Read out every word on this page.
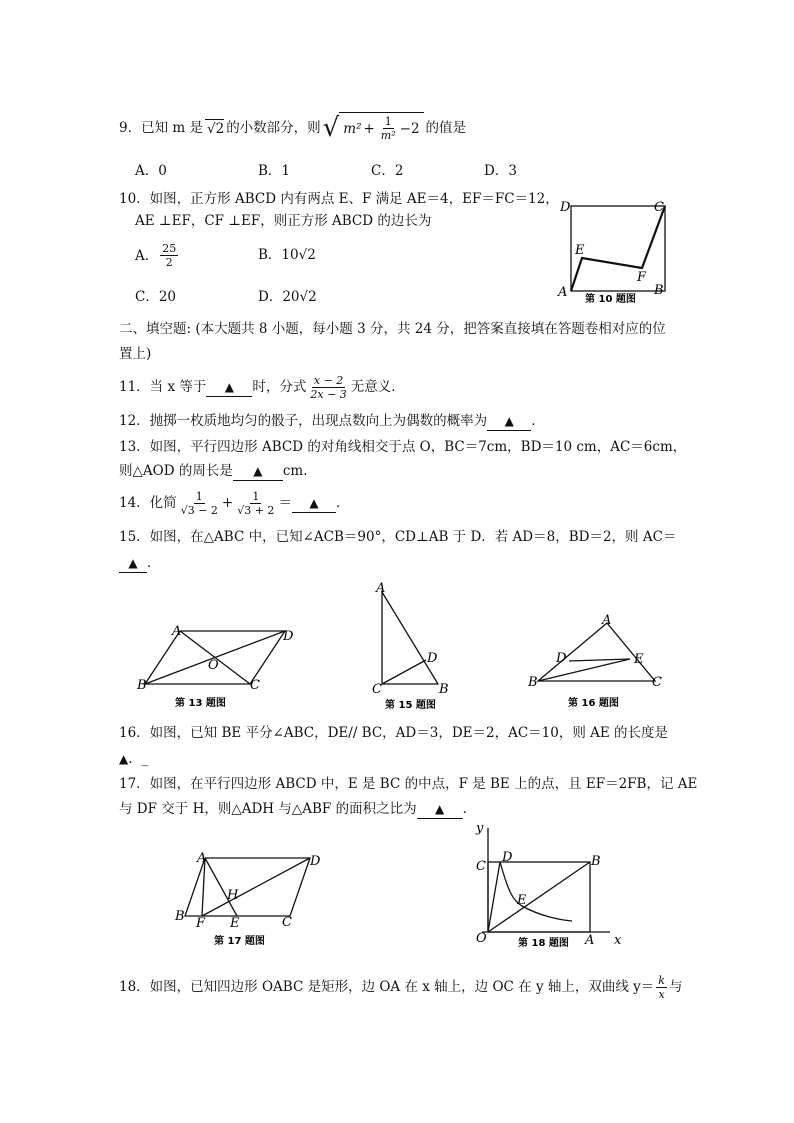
9．已知 m 是 √2 的小数部分，则 √ $m^2 + \frac{1}{\text{m²}} -2$ 的值是
A．0	B．1	C．2	D．3
10．如图，正方形 ABCD 内有两点 E、F 满足 AE＝4，EF＝FC＝12，
AE ⊥EF，CF ⊥EF，则正方形 ABCD 的边长为
A． $\frac{25}{2}$	B．10√2
C．20	D．20√2
D	C
E
F
A	B
第 10 题图
二、填空题: (本大题共 8 小题，每小题 3 分，共 24 分，把答案直接填在答题卷相对应的位
置上)
11．当 x 等于	▲	时，分式 $\frac{x - 2}{2x - 3}$ 无意义．
12．抛掷一枚质地均匀的骰子，出现点数向上为偶数的概率为 ▲ ．
13．如图，平行四边形 ABCD 的对角线相交于点 O，BC＝7cm，BD＝10 cm，AC＝6cm，
则△AOD 的周长是 ▲ cm.
14．化简 $\frac{1}{√3 - 2} + \frac{1}{√3 + 2}$ ＝	▲	．
15．如图，在△ABC 中，已知∠ACB＝90°，CD⊥AB 于 D．若 AD＝8，BD＝2，则 AC＝
▲ ．
A	D
O
B	C
第 13 题图
A
D
C	B
第 15 题图
A
D	E
B	C
第 16 题图
16．如图，已知 BE 平分∠ABC，DE// BC，AD＝3，DE＝2，AC＝10，则 AE 的长度是
▲．_
17．如图，在平行四边形 ABCD 中，E 是 BC 的中点，F 是 BE 上的点，且 EF＝2FB，记 AE
与 DF 交于 H，则△ADH 与△ABF 的面积之比为 ▲ ．
A	D
H
B F E	C
第 17 题图
y
C
D	B
E
O	A x
第 18 题图
18．如图，已知四边形 OABC 是矩形，边 OA 在 x 轴上，边 OC 在 y 轴上，双曲线 $y= \frac{k}{x}$ 与
